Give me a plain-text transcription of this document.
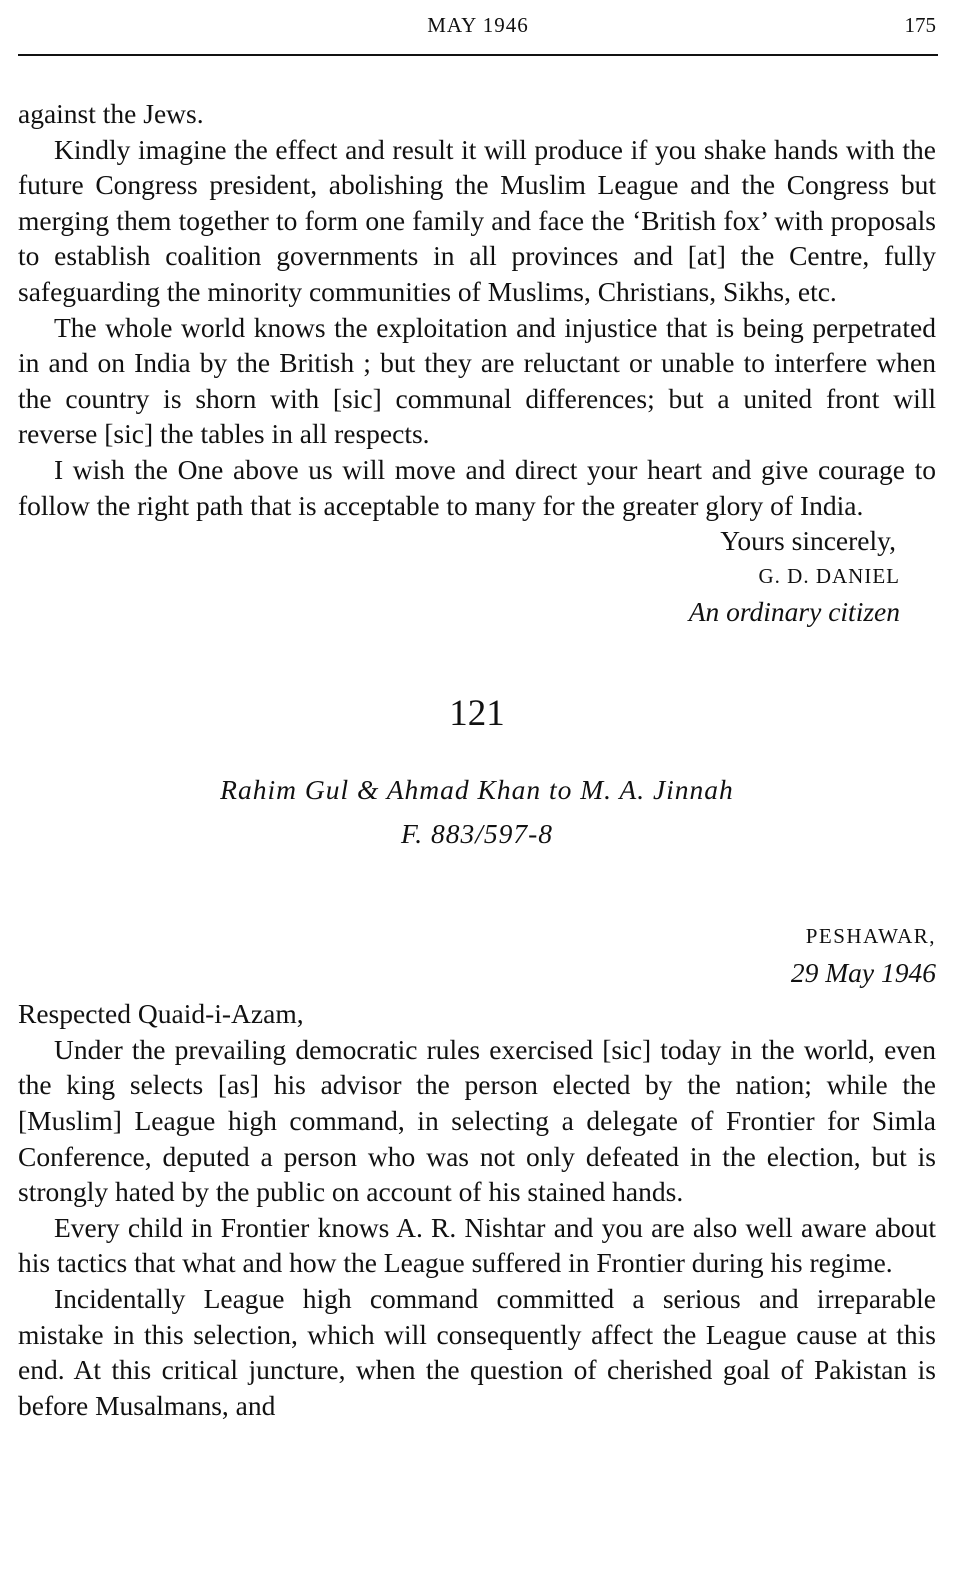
MAY 1946	175

against the Jews.

Kindly imagine the effect and result it will produce if you shake hands with the future Congress president, abolishing the Muslim League and the Congress but merging them together to form one family and face the ‘British fox’ with proposals to establish coalition governments in all provinces and [at] the Centre, fully safeguarding the minority communities of Muslims, Christians, Sikhs, etc.

The whole world knows the exploitation and injustice that is being perpetrated in and on India by the British ; but they are reluctant or unable to interfere when the country is shorn with [sic] communal differences; but a united front will reverse [sic] the tables in all respects.

I wish the One above us will move and direct your heart and give courage to follow the right path that is acceptable to many for the greater glory of India.

Yours sincerely,
G. D. DANIEL
An ordinary citizen
121
Rahim Gul & Ahmad Khan to M. A. Jinnah
F. 883/597-8
PESHAWAR,
29 May 1946

Respected Quaid-i-Azam,

Under the prevailing democratic rules exercised [sic] today in the world, even the king selects [as] his advisor the person elected by the nation; while the [Muslim] League high command, in selecting a delegate of Frontier for Simla Conference, deputed a person who was not only defeated in the election, but is strongly hated by the public on account of his stained hands.

Every child in Frontier knows A. R. Nishtar and you are also well aware about his tactics that what and how the League suffered in Frontier during his regime.

Incidentally League high command committed a serious and irreparable mistake in this selection, which will consequently affect the League cause at this end. At this critical juncture, when the question of cherished goal of Pakistan is before Musalmans, and
